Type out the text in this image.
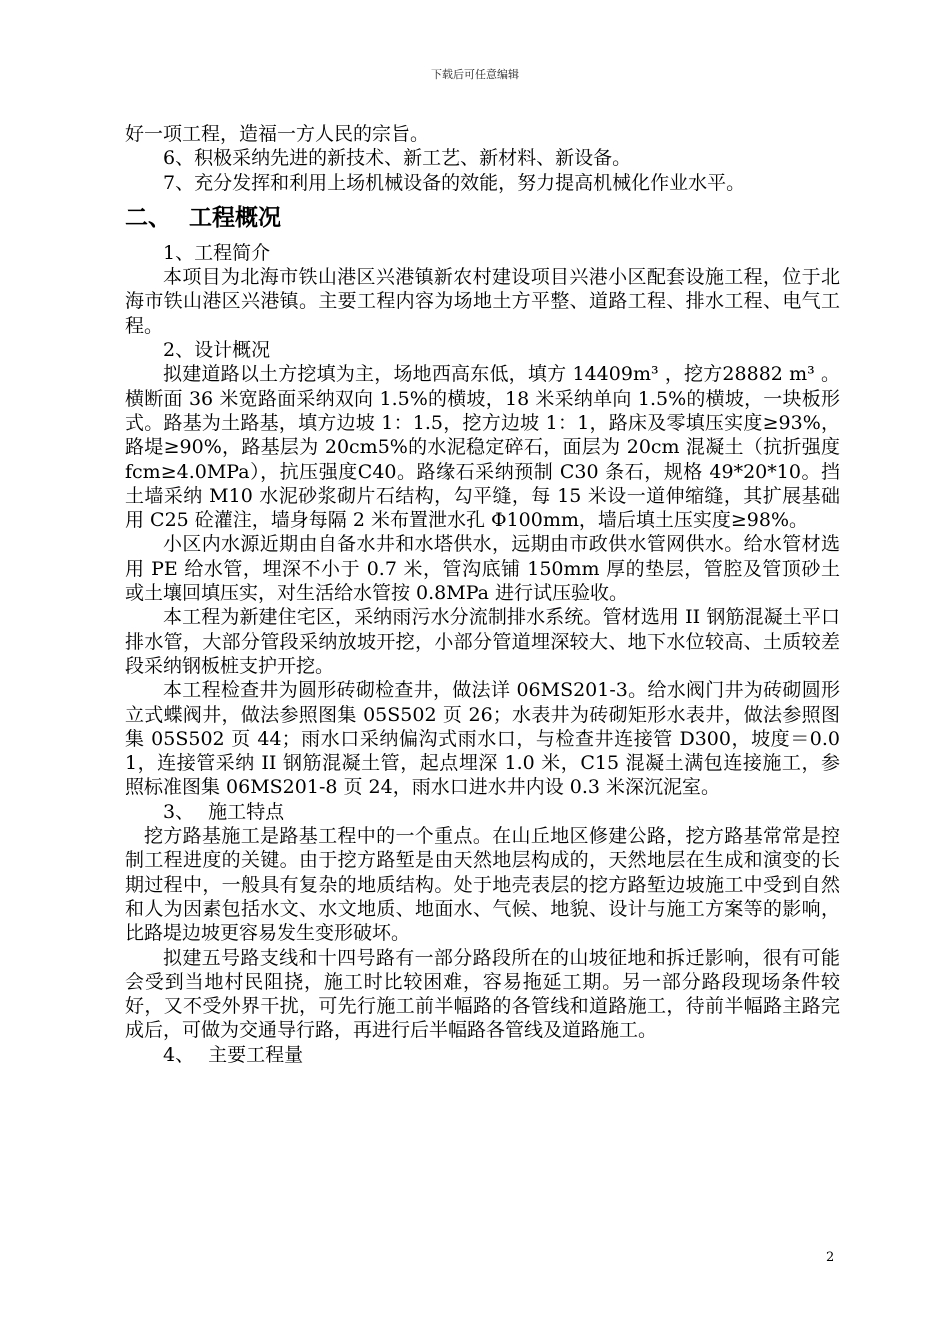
下载后可任意编辑

好一项工程，造福一方人民的宗旨。

6、积极采纳先进的新技术、新工艺、新材料、新设备。

7、充分发挥和利用上场机械设备的效能，努力提高机械化作业水平。

二、 工程概况

1、工程简介

本项目为北海市铁山港区兴港镇新农村建设项目兴港小区配套设施工程，位于北海市铁山港区兴港镇。主要工程内容为场地土方平整、道路工程、排水工程、电气工程。

2、设计概况

拟建道路以土方挖填为主，场地西高东低，填方 14409m³ ，挖方28882 m³ 。横断面 36 米宽路面采纳双向 1.5%的横坡，18 米采纳单向 1.5%的横坡，一块板形式。路基为土路基，填方边坡 1：1.5，挖方边坡 1：1，路床及零填压实度≥93%，路堤≥90%，路基层为 20cm5%的水泥稳定碎石，面层为 20cm 混凝土（抗折强度 fcm≥4.0MPa），抗压强度C40。路缘石采纳预制 C30 条石，规格 49*20*10。挡土墙采纳 M10 水泥砂浆砌片石结构，勾平缝，每 15 米设一道伸缩缝，其扩展基础用 C25 砼灌注，墙身每隔 2 米布置泄水孔 Φ100mm，墙后填土压实度≥98%。

小区内水源近期由自备水井和水塔供水，远期由市政供水管网供水。给水管材选用 PE 给水管，埋深不小于 0.7 米，管沟底铺 150mm 厚的垫层，管腔及管顶砂土或土壤回填压实，对生活给水管按 0.8MPa 进行试压验收。

本工程为新建住宅区，采纳雨污水分流制排水系统。管材选用 II 钢筋混凝土平口排水管，大部分管段采纳放坡开挖，小部分管道埋深较大、地下水位较高、土质较差段采纳钢板桩支护开挖。

本工程检查井为圆形砖砌检查井，做法详 06MS201-3。给水阀门井为砖砌圆形立式蝶阀井，做法参照图集 05S502 页 26；水表井为砖砌矩形水表井，做法参照图集 05S502 页 44；雨水口采纳偏沟式雨水口，与检查井连接管 D300，坡度＝0.01，连接管采纳 II 钢筋混凝土管，起点埋深 1.0 米，C15 混凝土满包连接施工，参照标准图集 06MS201-8 页 24，雨水口进水井内设 0.3 米深沉泥室。

3、 施工特点

挖方路基施工是路基工程中的一个重点。在山丘地区修建公路，挖方路基常常是控制工程进度的关键。由于挖方路堑是由天然地层构成的，天然地层在生成和演变的长期过程中，一般具有复杂的地质结构。处于地壳表层的挖方路堑边坡施工中受到自然和人为因素包括水文、水文地质、地面水、气候、地貌、设计与施工方案等的影响，比路堤边坡更容易发生变形破坏。

拟建五号路支线和十四号路有一部分路段所在的山坡征地和拆迁影响，很有可能会受到当地村民阻挠，施工时比较困难，容易拖延工期。另一部分路段现场条件较好，又不受外界干扰，可先行施工前半幅路的各管线和道路施工，待前半幅路主路完成后，可做为交通导行路，再进行后半幅路各管线及道路施工。

4、 主要工程量

2
